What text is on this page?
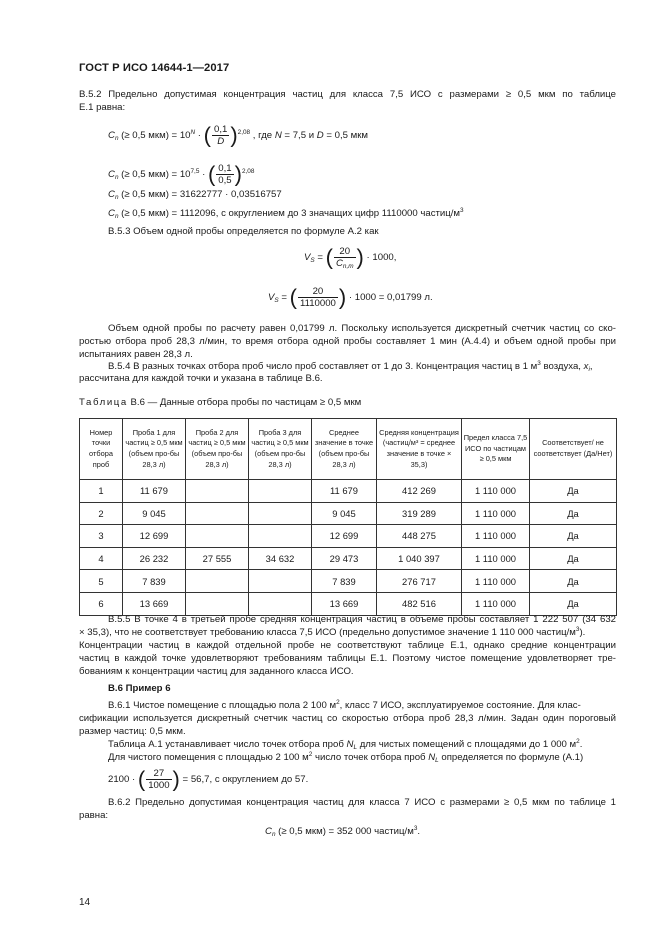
ГОСТ Р ИСО 14644-1—2017
В.5.2 Предельно допустимая концентрация частиц для класса 7,5 ИСО с размерами ≥ 0,5 мкм по таблице
Е.1 равна:
$C_n$ (≥ 0,5 $мкм) = 10^N$ · ( $\frac{0,1}{D} )^{2,08}$ , где N = 7,5 и D = 0,5 мкм
$C_n$ (≥ 0,5 $мкм) = 10^{7,5}$ · ( $\frac{0,1}{0,5} )^{2,08}$
$C_n$ (≥ 0,5 мкм) = 31622777 · 0,03516757
$C_n$ (≥ 0,5 мкм) = 1112096, с округлением до 3 значащих цифр 1110000 частиц/$м^3$
В.5.3 Объем одной пробы определяется по формуле А.2 как
$V_S$ = ( $\frac{20}{C_{n,m}}$ ) · 1000,
$V_S$ = ( $\frac{20}{1110000}$ ) · 1000 = 0,01799 л.
Объем одной пробы по расчету равен 0,01799 л. Поскольку используется дискретный счетчик частиц со ско-
ростью отбора проб 28,3 л/мин, то время отбора одной пробы составляет 1 мин (А.4.4) и объем одной пробы при
испытаниях равен 28,3 л.
В.5.4 В разных точках отбора проб число проб составляет от 1 до 3. Концентрация частиц в 1 $м^3$ воздуха, $x_i$,
рассчитана для каждой точки и указана в таблице В.6.
Таблица В.6 — Данные отбора пробы по частицам ≥ 0,5 мкм
Номер точки отбора проб	Проба 1 для частиц ≥ 0,5 мкм (объем про-бы 28,3 л)	Проба 2 для частиц ≥ 0,5 мкм (объем про-бы 28,3 л)	Проба 3 для частиц ≥ 0,5 мкм (объем про-бы 28,3 л)	Среднее значение в точке (объем про-бы 28,3 л)	Средняя концентрация (частиц/м³ = среднее значение в точке × 35,3)	Предел класса 7,5 ИСО по частицам ≥ 0,5 мкм	Соответствует/ не соответствует (Да/Нет)
1	11 679			11 679	412 269	1 110 000	Да
2	9 045			9 045	319 289	1 110 000	Да
3	12 699			12 699	448 275	1 110 000	Да
4	26 232	27 555	34 632	29 473	1 040 397	1 110 000	Да
5	7 839			7 839	276 717	1 110 000	Да
6	13 669			13 669	482 516	1 110 000	Да
В.5.5 В точке 4 в третьей пробе средняя концентрация частиц в объеме пробы составляет 1 222 507 (34 632
× 35,3), что не соответствует требованию класса 7,5 ИСО (предельно допустимое значение 1 110 000 частиц/$м^3$).
Концентрации частиц в каждой отдельной пробе не соответствуют таблице Е.1, однако средние концентрации
частиц в каждой точке удовлетворяют требованиям таблицы Е.1. Поэтому чистое помещение удовлетворяет тре-
бованиям к концентрации частиц для заданного класса ИСО.
В.6 Пример 6
В.6.1 Чистое помещение с площадью пола 2 100 $м^2$, класс 7 ИСО, эксплуатируемое состояние. Для клас-
сификации используется дискретный счетчик частиц со скоростью отбора проб 28,3 л/мин. Задан один пороговый
размер частиц: 0,5 мкм.
Таблица А.1 устанавливает число точек отбора проб $N_L$ для чистых помещений с площадями до 1 000 $м^2$.
Для чистого помещения с площадью 2 100 $м^2$ число точек отбора проб $N_L$ определяется по формуле (А.1)
2100 · ( $\frac{27}{1000}$ ) = 56,7, с округлением до 57.
В.6.2 Предельно допустимая концентрация частиц для класса 7 ИСО с размерами ≥ 0,5 мкм по таблице 1
равна:
$C_n$ (≥ 0,5 мкм) = 352 000 частиц/$м^3$.
14
